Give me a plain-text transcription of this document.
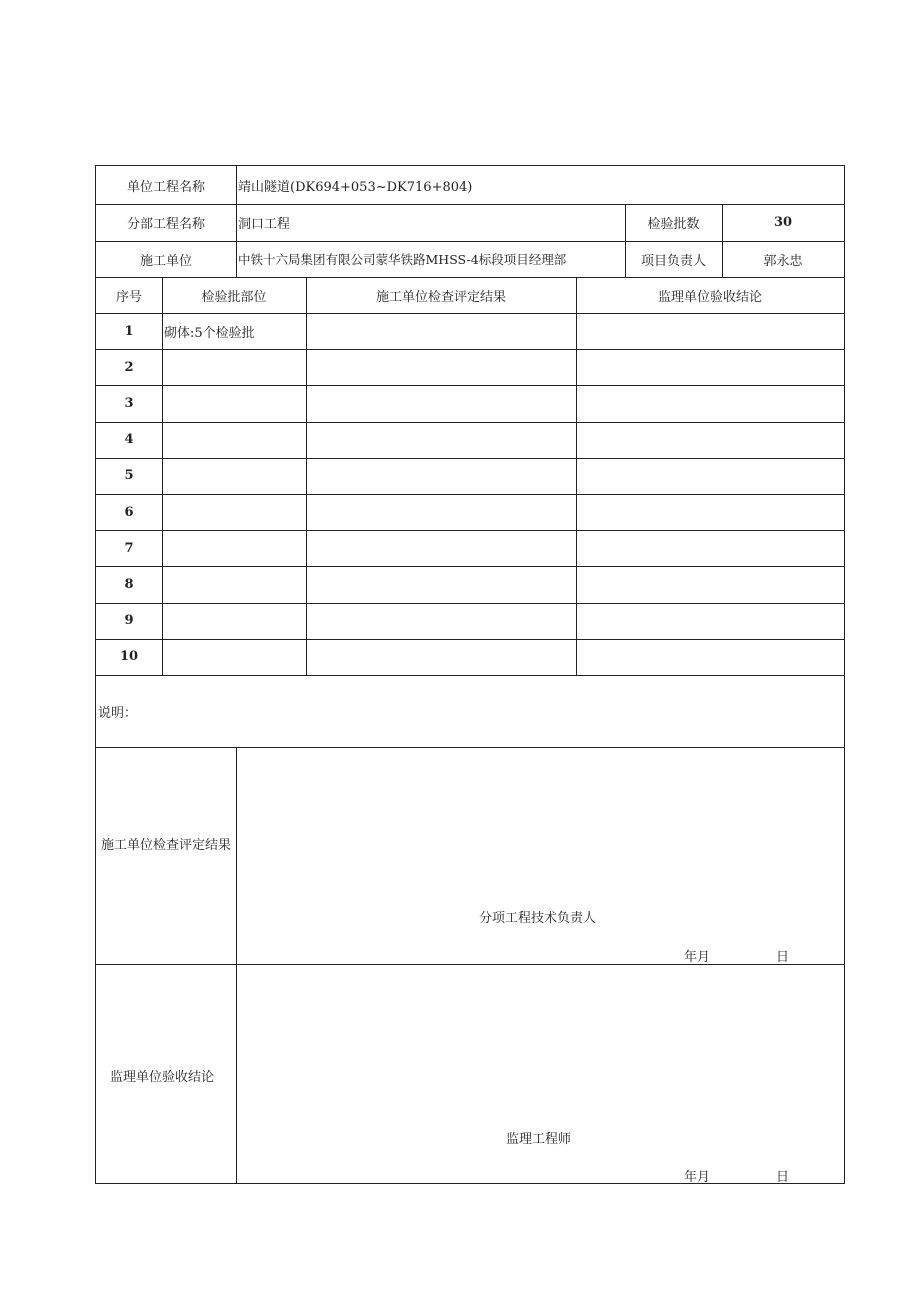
单位工程名称	靖山隧道(DK694+053~DK716+804)
分部工程名称	洞口工程	检验批数	30
施工单位	中铁十六局集团有限公司蒙华铁路MHSS-4标段项目经理部	项目负责人	郭永忠
序号	检验批部位	施工单位检查评定结果	监理单位验收结论
1	砌体:5个检验批
2
3
4
5
6
7
8
9
10
说明：
施工单位检查评定结果
分项工程技术负责人
年月	日
监理单位验收结论
监理工程师
年月	日
